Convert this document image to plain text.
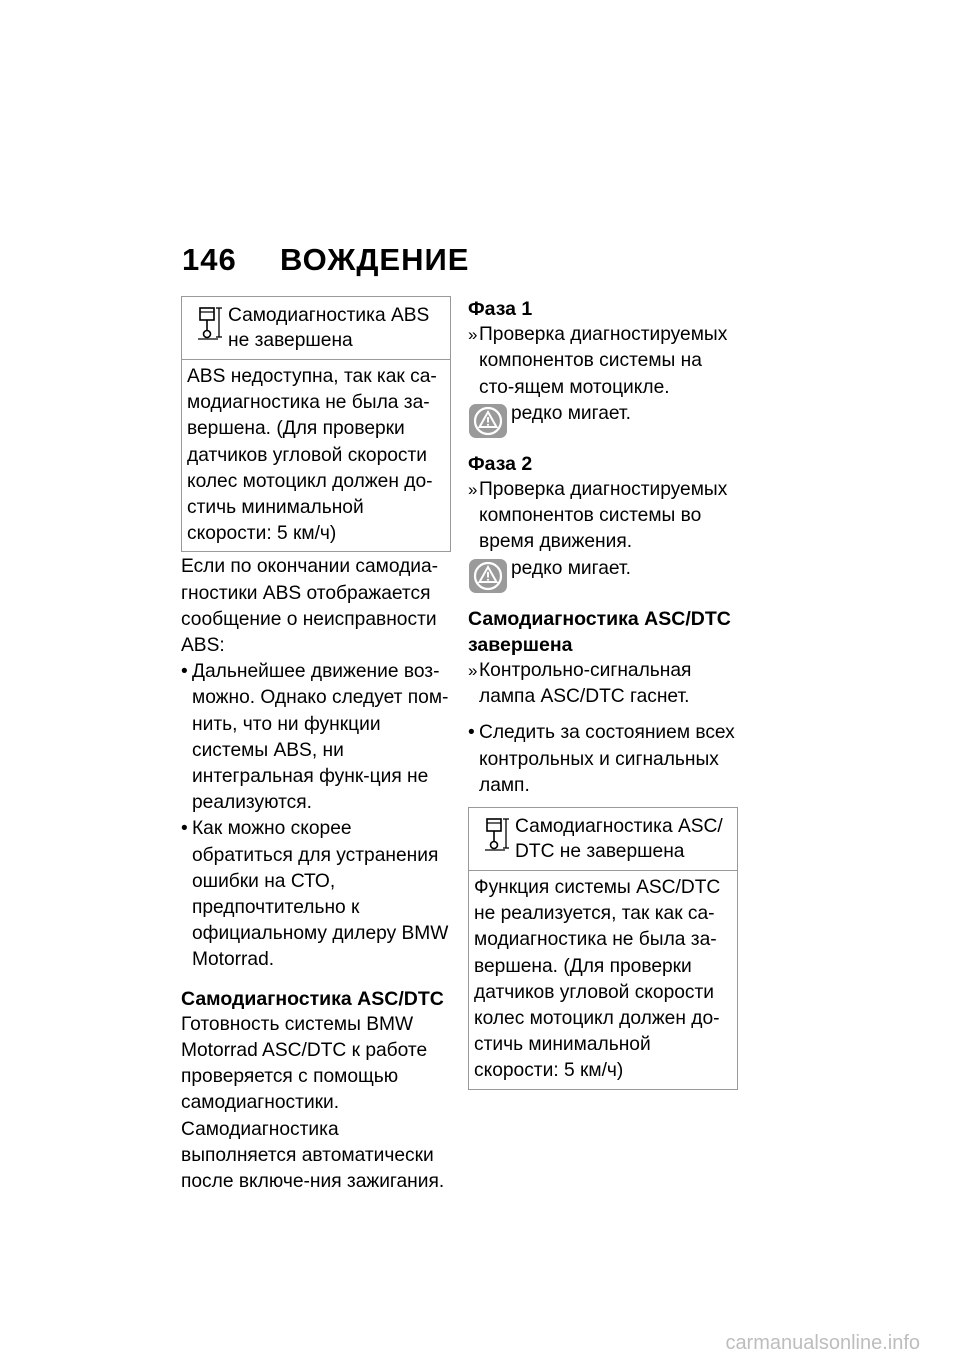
146 ВОЖДЕНИЕ
Самодиагностика ABS не завершена
ABS недоступна, так как са-модиагностика не была за-вершена. (Для проверки датчиков угловой скорости колес мотоцикл должен до-стичь минимальной скорости: 5 км/ч)

Если по окончании самодиа-гностики ABS отображается сообщение о неисправности ABS:

• Дальнейшее движение воз-можно. Однако следует пом-нить, что ни функции системы ABS, ни интегральная функ-ция не реализуются.
• Как можно скорее обратиться для устранения ошибки на СТО, предпочтительно к официальному дилеру BMW Motorrad.

Самодиагностика ASC/DTC

Готовность системы BMW Motorrad ASC/DTC к работе проверяется с помощью самодиагностики. Самодиагностика выполняется автоматически после включе-ния зажигания.

Фаза 1

» Проверка диагностируемых компонентов системы на сто-ящем мотоцикле.
редко мигает.

Фаза 2

» Проверка диагностируемых компонентов системы во время движения.
редко мигает.

Самодиагностика ASC/DTC завершена

» Контрольно-сигнальная лампа ASC/DTC гаснет.
• Следить за состоянием всех контрольных и сигнальных ламп.
Самодиагностика ASC/ DTC не завершена
Функция системы ASC/DTC не реализуется, так как са-модиагностика не была за-вершена. (Для проверки датчиков угловой скорости колес мотоцикл должен до-стичь минимальной скорости: 5 км/ч)
carmanualsonline.info
